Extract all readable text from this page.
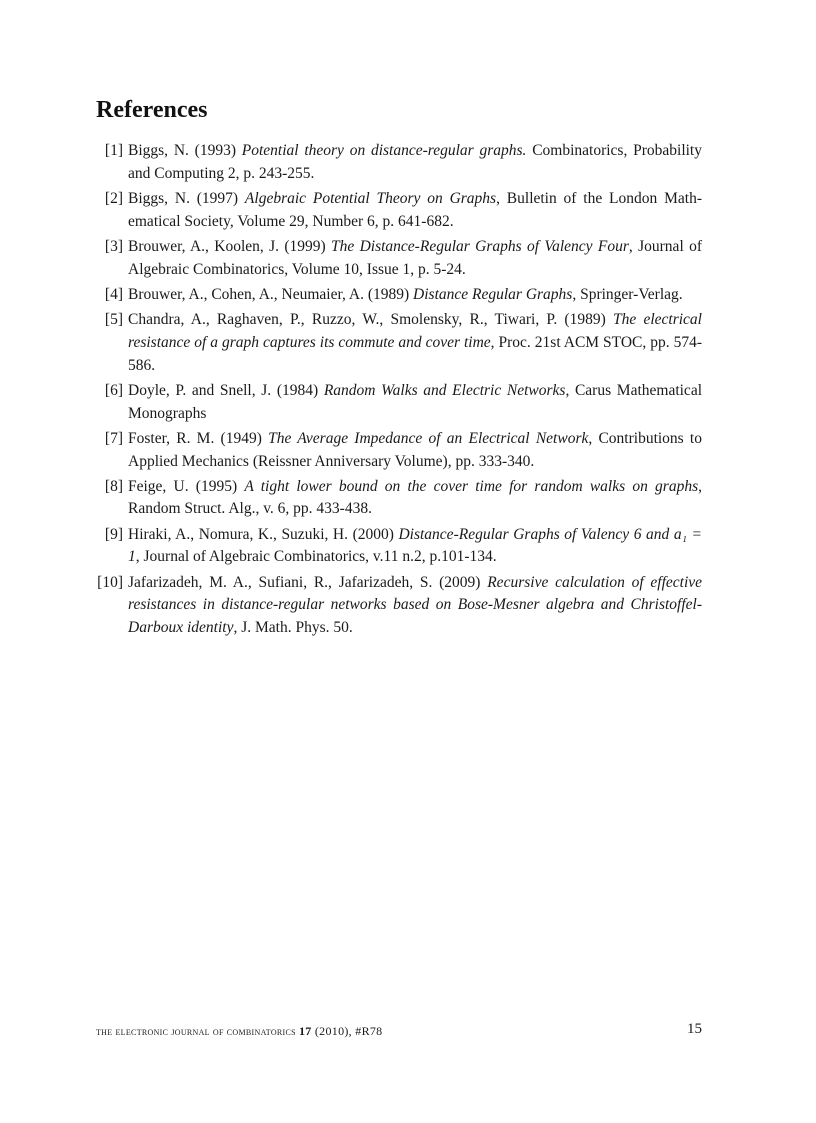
References
[1] Biggs, N. (1993) Potential theory on distance-regular graphs. Combinatorics, Probability and Computing 2, p. 243-255.
[2] Biggs, N. (1997) Algebraic Potential Theory on Graphs, Bulletin of the London Mathematical Society, Volume 29, Number 6, p. 641-682.
[3] Brouwer, A., Koolen, J. (1999) The Distance-Regular Graphs of Valency Four, Journal of Algebraic Combinatorics, Volume 10, Issue 1, p. 5-24.
[4] Brouwer, A., Cohen, A., Neumaier, A. (1989) Distance Regular Graphs, Springer-Verlag.
[5] Chandra, A., Raghaven, P., Ruzzo, W., Smolensky, R., Tiwari, P. (1989) The electrical resistance of a graph captures its commute and cover time, Proc. 21st ACM STOC, pp. 574-586.
[6] Doyle, P. and Snell, J. (1984) Random Walks and Electric Networks, Carus Mathematical Monographs
[7] Foster, R. M. (1949) The Average Impedance of an Electrical Network, Contributions to Applied Mechanics (Reissner Anniversary Volume), pp. 333-340.
[8] Feige, U. (1995) A tight lower bound on the cover time for random walks on graphs, Random Struct. Alg., v. 6, pp. 433-438.
[9] Hiraki, A., Nomura, K., Suzuki, H. (2000) Distance-Regular Graphs of Valency 6 and a₁ = 1, Journal of Algebraic Combinatorics, v.11 n.2, p.101-134.
[10] Jafarizadeh, M. A., Sufiani, R., Jafarizadeh, S. (2009) Recursive calculation of effective resistances in distance-regular networks based on Bose-Mesner algebra and Christoffel-Darboux identity, J. Math. Phys. 50.
the electronic journal of combinatorics 17 (2010), #R78	15
